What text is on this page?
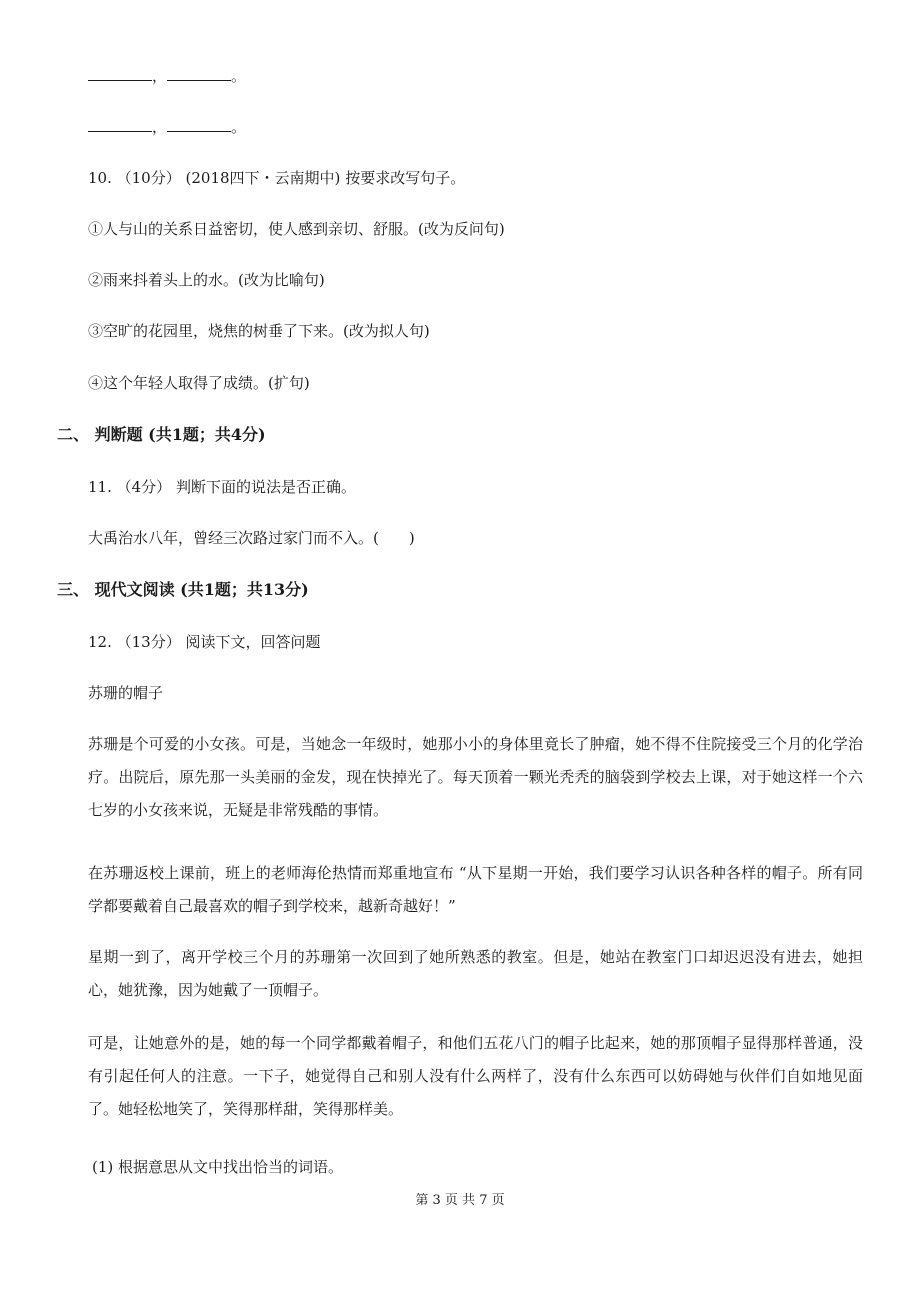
，	。
，	。
10. （10分） (2018四下・云南期中) 按要求改写句子。
①人与山的关系日益密切，使人感到亲切、舒服。(改为反问句)
②雨来抖着头上的水。(改为比喻句)
③空旷的花园里，烧焦的树垂了下来。(改为拟人句)
④这个年轻人取得了成绩。(扩句)
二、 判断题 (共1题；共4分)
11. （4分） 判断下面的说法是否正确。
大禹治水八年，曾经三次路过家门而不入。(　　)
三、 现代文阅读 (共1题；共13分)
12. （13分） 阅读下文，回答问题
苏珊的帽子
苏珊是个可爱的小女孩。可是，当她念一年级时，她那小小的身体里竟长了肿瘤，她不得不住院接受三个月的化学治疗。出院后，原先那一头美丽的金发，现在快掉光了。每天顶着一颗光秃秃的脑袋到学校去上课，对于她这样一个六七岁的小女孩来说，无疑是非常残酷的事情。
在苏珊返校上课前，班上的老师海伦热情而郑重地宣布 “从下星期一开始，我们要学习认识各种各样的帽子。所有同学都要戴着自己最喜欢的帽子到学校来，越新奇越好！”
星期一到了，离开学校三个月的苏珊第一次回到了她所熟悉的教室。但是，她站在教室门口却迟迟没有进去，她担心，她犹豫，因为她戴了一顶帽子。
可是，让她意外的是，她的每一个同学都戴着帽子，和他们五花八门的帽子比起来，她的那顶帽子显得那样普通，没有引起任何人的注意。一下子，她觉得自己和别人没有什么两样了，没有什么东西可以妨碍她与伙伴们自如地见面了。她轻松地笑了，笑得那样甜，笑得那样美。
(1) 根据意思从文中找出恰当的词语。
第 3 页 共 7 页
